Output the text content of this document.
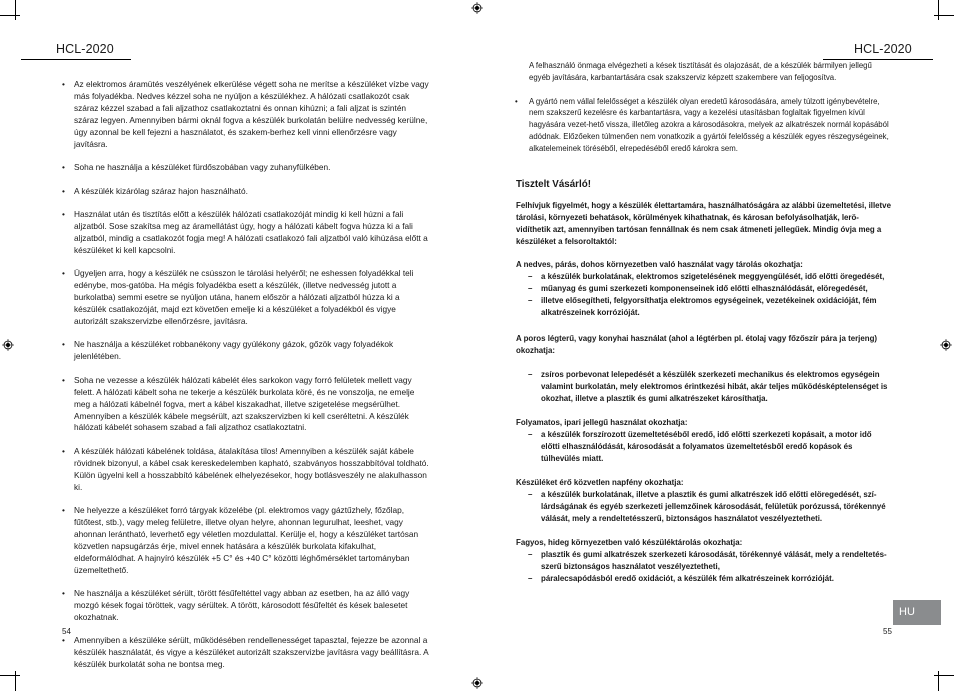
HCL-2020	HCL-2020
• Az elektromos áramütés veszélyének elkerülése végett soha ne merítse a készüléket vízbe vagy más folyadékba. Nedves kézzel soha ne nyúljon a készülékhez. A hálózati csatlakozót csak száraz kézzel szabad a fali aljzathoz csatlakoztatni és onnan kihúzni; a fali aljzat is szintén száraz legyen. Amennyiben bármi oknál fogva a készülék burkolatán belülre nedvesség kerülne, úgy azonnal be kell fejezni a használatot, és szakem-berhez kell vinni ellenőrzésre vagy javításra.
• Soha ne használja a készüléket fürdőszobában vagy zuhanyfülkében.
• A készülék kizárólag száraz hajon használható.
• Használat után és tisztítás előtt a készülék hálózati csatlakozóját mindig ki kell húzni a fali aljzatból. Sose szakítsa meg az áramellátást úgy, hogy a hálózati kábelt fogva húzza ki a fali aljzatból, mindig a csatlakozót fogja meg! A hálózati csatlakozó fali aljzatból való kihúzása előtt a készüléket ki kell kapcsolni.
• Ügyeljen arra, hogy a készülék ne csússzon le tárolási helyéről; ne eshessen folyadékkal teli edénybe, mos-gatóba. Ha mégis folyadékba esett a készülék, (illetve nedvesség jutott a burkolatba) semmi esetre se nyúljon utána, hanem először a hálózati aljzatból húzza ki a készülék csatlakozóját, majd ezt követően emelje ki a készüléket a folyadékból és vigye autorizált szakszervizbe ellenőrzésre, javításra.
• Ne használja a készüléket robbanékony vagy gyúlékony gázok, gőzök vagy folyadékok jelenlétében.
• Soha ne vezesse a készülék hálózati kábelét éles sarkokon vagy forró felületek mellett vagy felett. A hálózati kábelt soha ne tekerje a készülék burkolata köré, és ne vonszolja, ne emelje meg a hálózati kábelnél fogva, mert a kábel kiszakadhat, illetve szigetelése megsérülhet. Amennyiben a készülék kábele megsérült, azt szakszervizben ki kell cseréltetni. A készülék hálózati kábelét sohasem szabad a fali aljzathoz csatlakoztatni.
• A készülék hálózati kábelének toldása, átalakítása tilos! Amennyiben a készülék saját kábele rövidnek bizonyul, a kábel csak kereskedelemben kapható, szabványos hosszabbítóval toldható. Külön ügyelni kell a hosszabbító kábelének elhelyezésekor, hogy botlásveszély ne alakulhasson ki.
• Ne helyezze a készüléket forró tárgyak közelébe (pl. elektromos vagy gáztűzhely, főzőlap, fűtőtest, stb.), vagy meleg felületre, illetve olyan helyre, ahonnan legurulhat, leeshet, vagy ahonnan lerántható, leverhető egy véletlen mozdulattal. Kerülje el, hogy a készüléket tartósan közvetlen napsugárzás érje, mivel ennek hatására a készülék burkolata kifakulhat, eldeformálódhat. A hajnyíró készülék +5 C° és +40 C° közötti léghőmérséklet tartományban üzemeltethető.
• Ne használja a készüléket sérült, törött fésűfeltéttel vagy abban az esetben, ha az álló vagy mozgó kések fogai töröttek, vagy sérültek. A törött, károsodott fésűfeltét és kések balesetet okozhatnak.
• Amennyiben a készüléke sérült, működésében rendellenességet tapasztal, fejezze be azonnal a készülék használatát, és vigye a készüléket autorizált szakszervizbe javításra vagy beállításra. A készülék burkolatát soha ne bontsa meg.
54
A felhasználó önmaga elvégezheti a kések tisztítását és olajozását, de a készülék bármilyen jellegű egyéb javítására, karbantartására csak szakszerviz képzett szakembere van feljogosítva.
• A gyártó nem vállal felelősséget a készülék olyan eredetű károsodására, amely túlzott igénybevételre, nem szakszerű kezelésre és karbantartásra, vagy a kezelési utasításban foglaltak figyelmen kívül hagyására vezet-hető vissza, illetőleg azokra a károsodásokra, melyek az alkatrészek normál kopásából adódnak. Előzőeken túlmenően nem vonatkozik a gyártói felelősség a készülék egyes részegységeinek, alkatelemeinek töréséből, elrepedéséből eredő károkra sem.
Tisztelt Vásárló!

Felhívjuk figyelmét, hogy a készülék élettartamára, használhatóságára az alábbi üzemeltetési, illetve tárolási, környezeti behatások, körülmények kihathatnak, és károsan befolyásolhatják, lerö-vidíthetik azt, amennyiben tartósan fennállnak és nem csak átmeneti jellegűek. Mindig óvja meg a készüléket a felsoroltaktól:

A nedves, párás, dohos környezetben való használat vagy tárolás okozhatja:

– a készülék burkolatának, elektromos szigetelésének meggyengülését, idő előtti öregedését,
– műanyag és gumi szerkezeti komponenseinek idő előtti elhasználódását, elöregedését,
– illetve elősegítheti, felgyorsíthatja elektromos egységeinek, vezetékeinek oxidációját, fém alkatrészeinek korrózióját.

A poros légterű, vagy konyhai használat (ahol a légtérben pl. étolaj vagy főzőszír pára ja terjeng) okozhatja:

– zsíros porbevonat lelepedését a készülék szerkezeti mechanikus és elektromos egységein valamint burkolatán, mely elektromos érintkezési hibát, akár teljes működésképtelenséget is okozhat, illetve a plasztik és gumi alkatrészeket károsíthatja.

Folyamatos, ipari jellegű használat okozhatja:

– a készülék forszírozott üzemeltetéséből eredő, idő előtti szerkezeti kopásait, a motor idő előtti elhasználódását, károsodását a folyamatos üzemeltetésből eredő kopások és túlhevülés miatt.

Készüléket érő közvetlen napfény okozhatja:

– a készülék burkolatának, illetve a plasztik és gumi alkatrészek idő előtti elöregedését, szí-lárdságának és egyéb szerkezeti jellemzőinek károsodását, felületük porózussá, törékennyé válását, mely a rendeltetésszerű, biztonságos használatot veszélyeztetheti.

Fagyos, hideg környezetben való készüléktárolás okozhatja:

– plasztik és gumi alkatrészek szerkezeti károsodását, törékennyé válását, mely a rendeltetés-szerű biztonságos használatot veszélyeztetheti,
– páralecsapódásból eredő oxidációt, a készülék fém alkatrészeinek korrózióját.
55
HU
